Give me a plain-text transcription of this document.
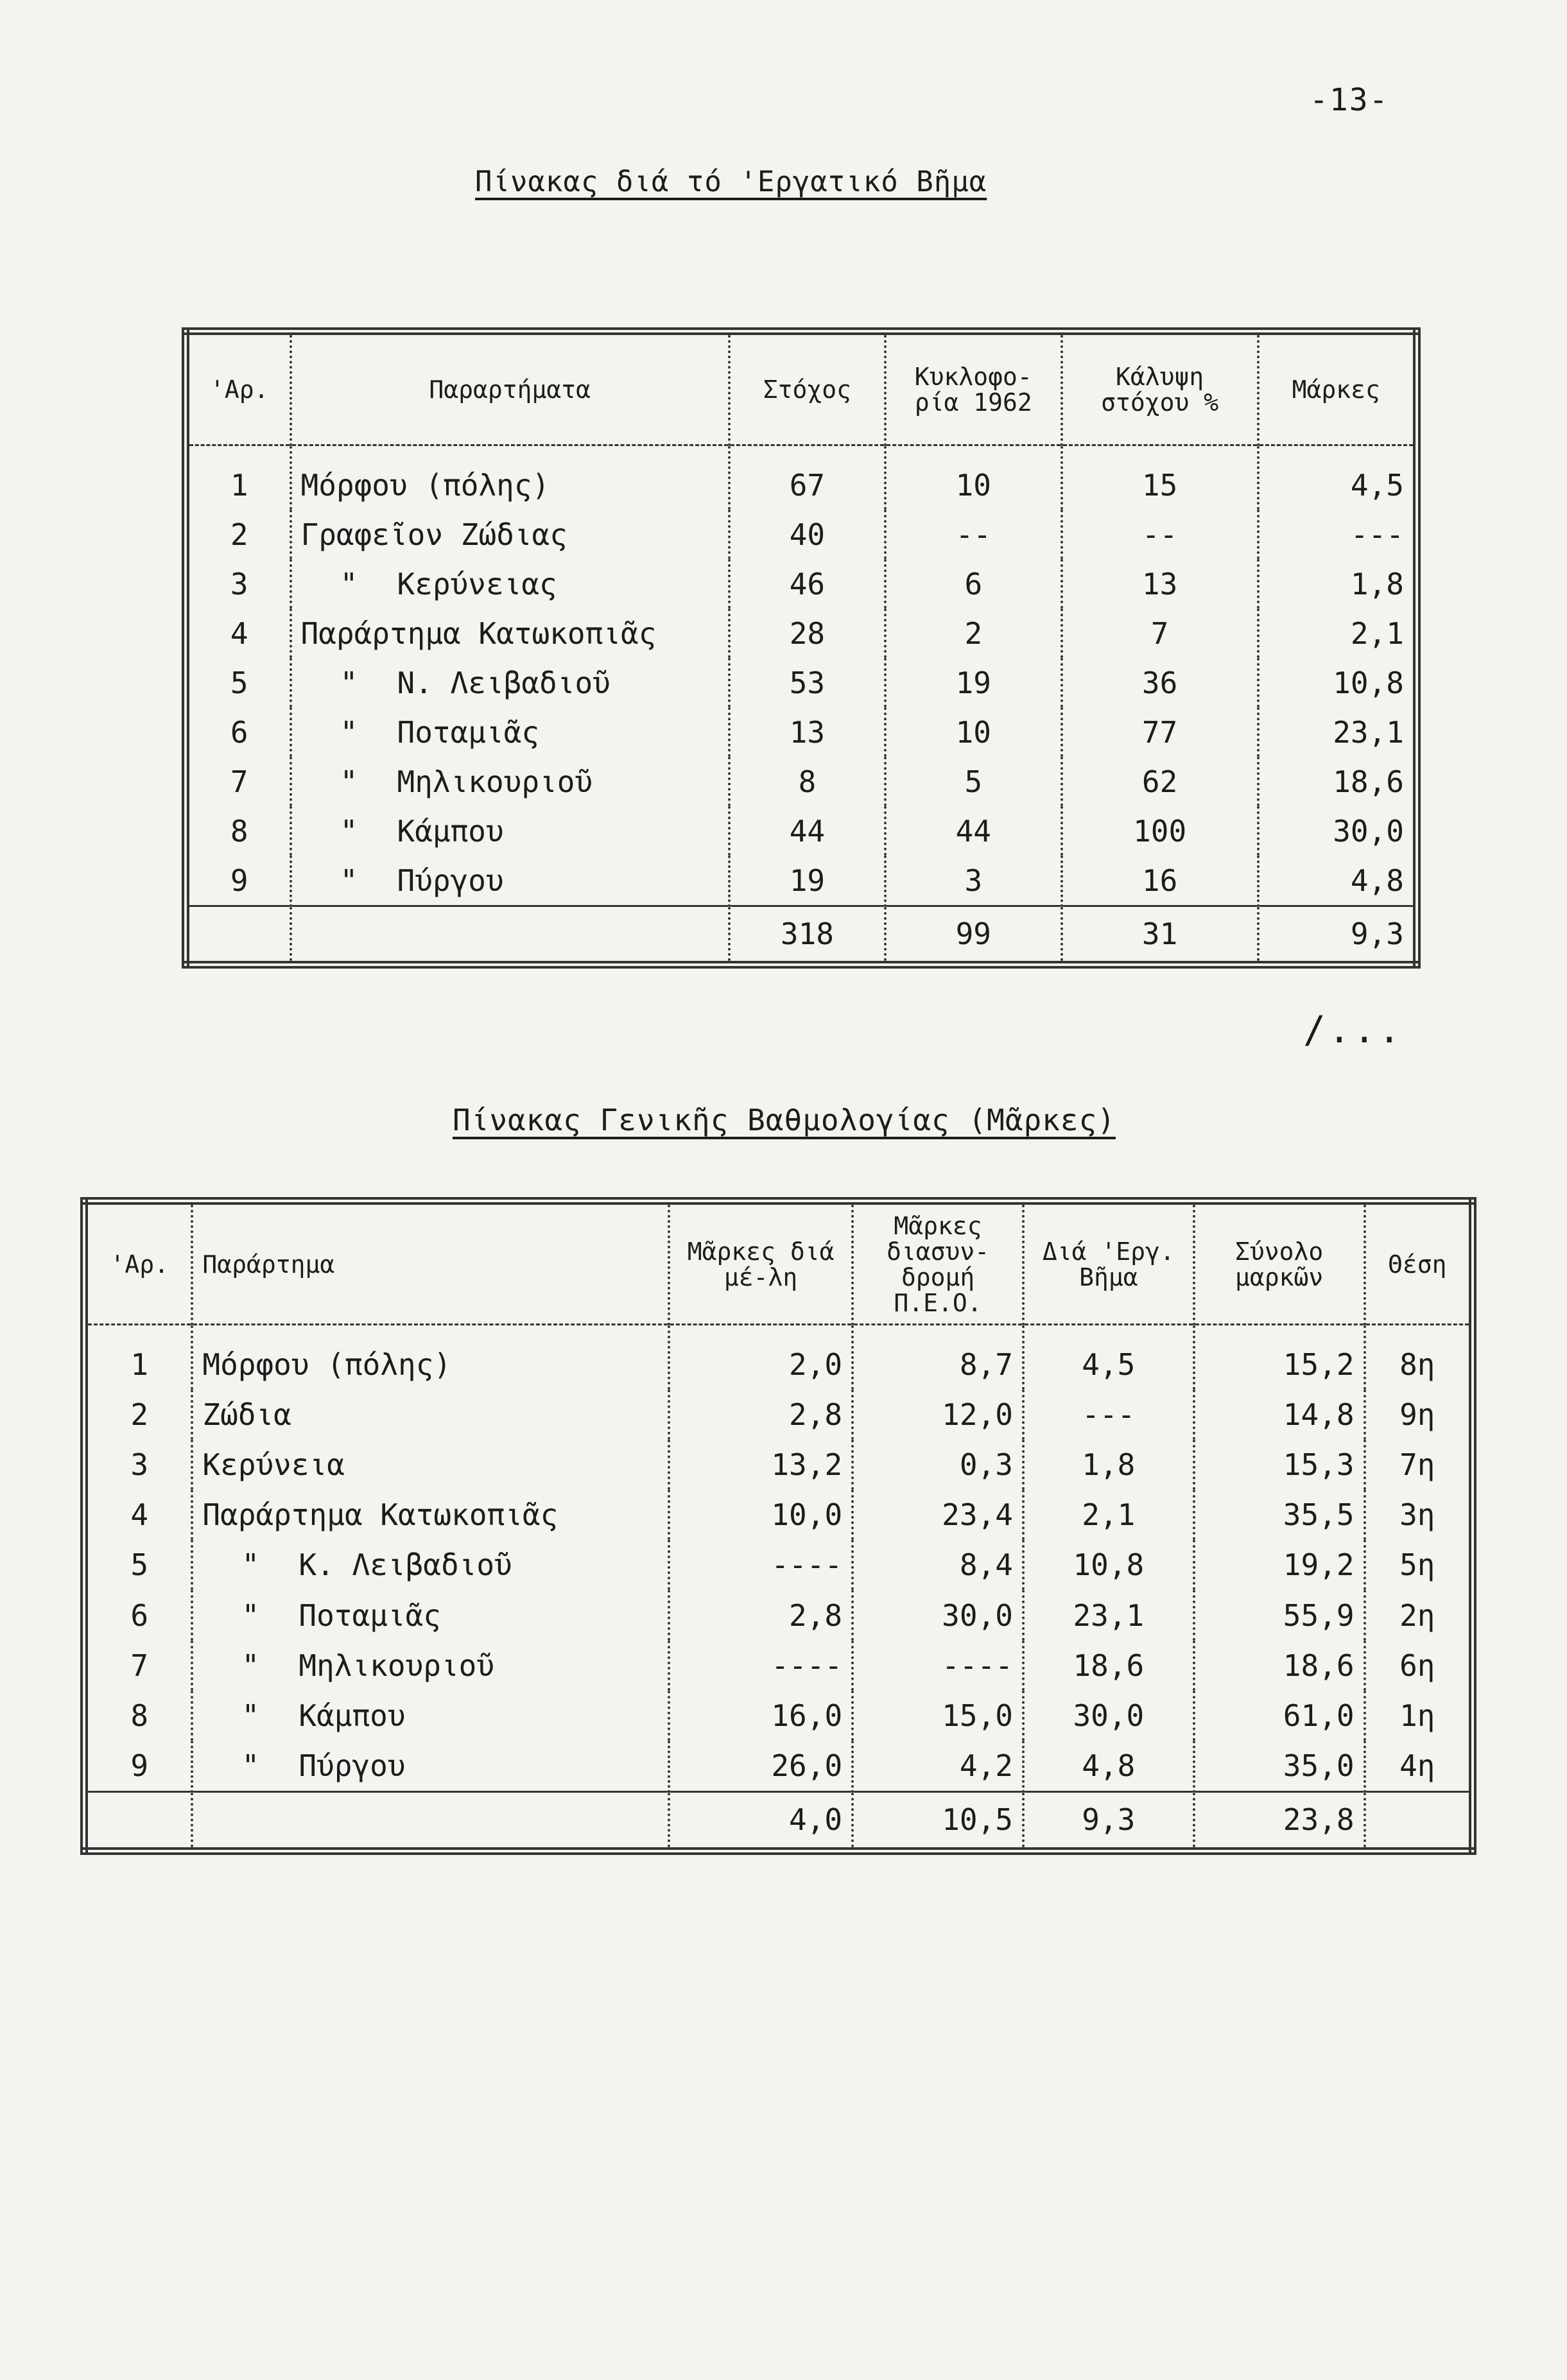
-13-
Πίνακας διά τό 'Εργατικό Βῆμα
'Αρ.	Παραρτήματα	Στόχος	Κυκλοφο-ρία 1962	Κάλυψη στόχου %	Μάρκες
1	Μόρφου (πόλης)	67	10	15	4,5
2	Γραφεῖον Ζώδιας	40	--	--	---
3	" Κερύνειας	46	6	13	1,8
4	Παράρτημα Κατωκοπιᾶς	28	2	7	2,1
5	" Ν. Λειβαδιοῦ	53	19	36	10,8
6	" Ποταμιᾶς	13	10	77	23,1
7	" Μηλικουριοῦ	8	5	62	18,6
8	" Κάμπου	44	44	100	30,0
9	" Πύργου	19	3	16	4,8
		318	99	31	9,3
Πίνακας Γενικῆς Βαθμολογίας (Μᾶρκες)
'Αρ.	Παράρτημα	Μᾶρκες διά μέ-λη	Μᾶρκες διασυν-δρομή Π.Ε.Ο.	Διά 'Εργ. Βῆμα	Σύνολο μαρκῶν	Θέση
1	Μόρφου (πόλης)	2,0	8,7	4,5	15,2	8η
2	Ζώδια	2,8	12,0	---	14,8	9η
3	Κερύνεια	13,2	0,3	1,8	15,3	7η
4	Παράρτημα Κατωκοπιᾶς	10,0	23,4	2,1	35,5	3η
5	" Κ. Λειβαδιοῦ	----	8,4	10,8	19,2	5η
6	" Ποταμιᾶς	2,8	30,0	23,1	55,9	2η
7	" Μηλικουριοῦ	----	----	18,6	18,6	6η
8	" Κάμπου	16,0	15,0	30,0	61,0	1η
9	" Πύργου	26,0	4,2	4,8	35,0	4η
		4,0	10,5	9,3	23,8	
/...
